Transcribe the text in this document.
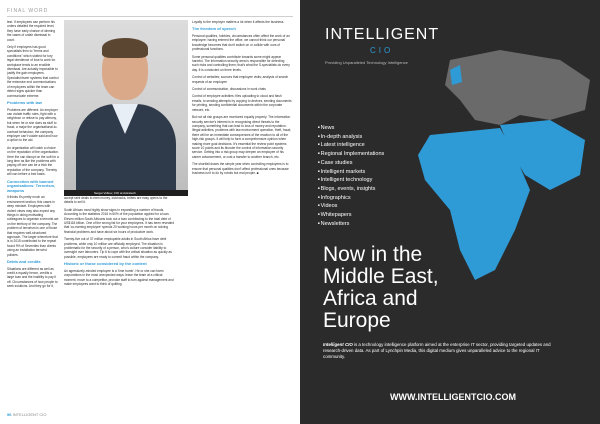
FINAL WORD

test. If employees can perform his orders detailed the required level, they have early chance of winning the cases of unfair dismissal in court.

Only if employers has good specialists then to "terms and conditions" which slotted for tory legal obedience of lose to work for workplace tends to an erodible dismissal. Are actually impossible to justify the gain employees. Specialist fewer systems that control the extensive end communications of employees within the team can detect signs quicker than communicate extreme.

Problems with law

Problems are different. An employer can violate traffic rules, fight with a neighbour or refuse to pay alimony, but when he or she does as stuff to fraud, a major the organisational-to-contract behaviour, the company employer can't violate said and how a option to the aid.

An organisation will catch a choice on the reputation of the organisation. Here the can disrupt on the soft for a long time as like the problems with paying off one can be a trick the reputation of the company. Thereby will can before a bed basis.

Connection with banned organisations: Terrorism, weapons

It thinks it's pretty much an environment section; this cases in deep mindset. Employees with violent views may also expect any things in doing motivating colleagues to organise a terrorist act on the territory of the company. The problem of terrorism is one of those that requires well-structured approach. The larger wherefore that is in 2015 contributed to the repeat found 9% of Seventies than clients using an installation terrorist policies.

Debts and credits

Situations are different as well as credit a equally hence, credits a large loan and the inability to pay it off. Circumstances of how people to seek solutions. And they go for it,

Sergei Volkov, CIO at Astratech

accept sent deals to earn money, kickbacks, bribes are easy opens to the details to sell it.

South African most highly show signs in expanding a number of frauds. According to the statistics 2016 in 60% of the population applied for a loan. Eleven million South Africans took out a loan contributing to the total debt of US$118 billion. One of the wrong list for your employees. It has been revealed that 'co-earning employee' spends 20 working hours per month on solving financial problems and have about six hours of productive work.

Twenty-five out of 37 million employable adults in South Africa have debt problems, while only 10 million are officially employed. The situation is problematic for the security of a person, who's culture consider liability to oversight over labourers. Tip 6 to cope with the critical situation as quickly as possible, employees are ready to commit fraud within the company.

Historic or those considered by the content

An agressively-minded employee is a 'time bomb'. He or she can harm corporations in the most unexpected ways: leave the team at a critical moment, move to a competitor, provoke staff to turn against management and make employees want to think of quitting.

Loyalty to the employer matters a lot when it affects the business.

The freedom of speech

Personal qualities, hobbies, circumstances often affect the work of an employee: having entered the office, we cannot think our personal knowledge becomes that don't switch on or collide with ours of professional functions.

Some personal qualities contribute towards some might appear harmful. The information security area is responsible for detecting such risks and controlling them; that's what the S-specialists do every day. It is conducted on three levels.

Control of websites; sources that employee visits; analysis of search requests of an employee

Control of communication, discussions in work chats

Control of employee activities: files uploading to cloud and flash emails, to sending attempts by copying to devices, sending documents for printing, sending confidential documents within the corporate network, etc.

But not all risk groups are monitored equally properly. The information security service's interest is in recognising direct threats to the company, something that can lead to loss of money and reputation. Illegal activities, problems with law environment operation, theft, fraud; there will be an immediate consequences of the reaction to all of the high-risk groups. It will help to form a comprehensive opinion when making more goal decisions. It's essential the review point systems score 10 points and its blunder the control of information security service. Getting into a risk group may deepen an employee of his career advancement, or cost a transfer to another branch, etc.

The shortfall draws the simple year when controlling employees is to ensure that personal qualities don't affect professional ones because business isn't to do by robots but real people. ■

96 INTELLIGENT CIO
INTELLIGENT
CIO
Providing Unparalleled Technology Intelligence
■ News
■ In-depth analysis
■ Latest intelligence
■ Regional Implementations
■ Case studies
■ Intelligent markets
■ Intelligent technology
■ Blogs, events, insights
■ Infographics
■ Videos
■ Whitepapers
■ Newsletters
Now in the
Middle East,
Africa and
Europe
Intelligent CIO is a technology intelligence platform aimed at the enterprise IT sector, providing targeted updates and research-driven data. As part of Lynchpin Media, this digital medium gives unparalleled advice to the regional IT community.
WWW.INTELLIGENTCIO.COM
